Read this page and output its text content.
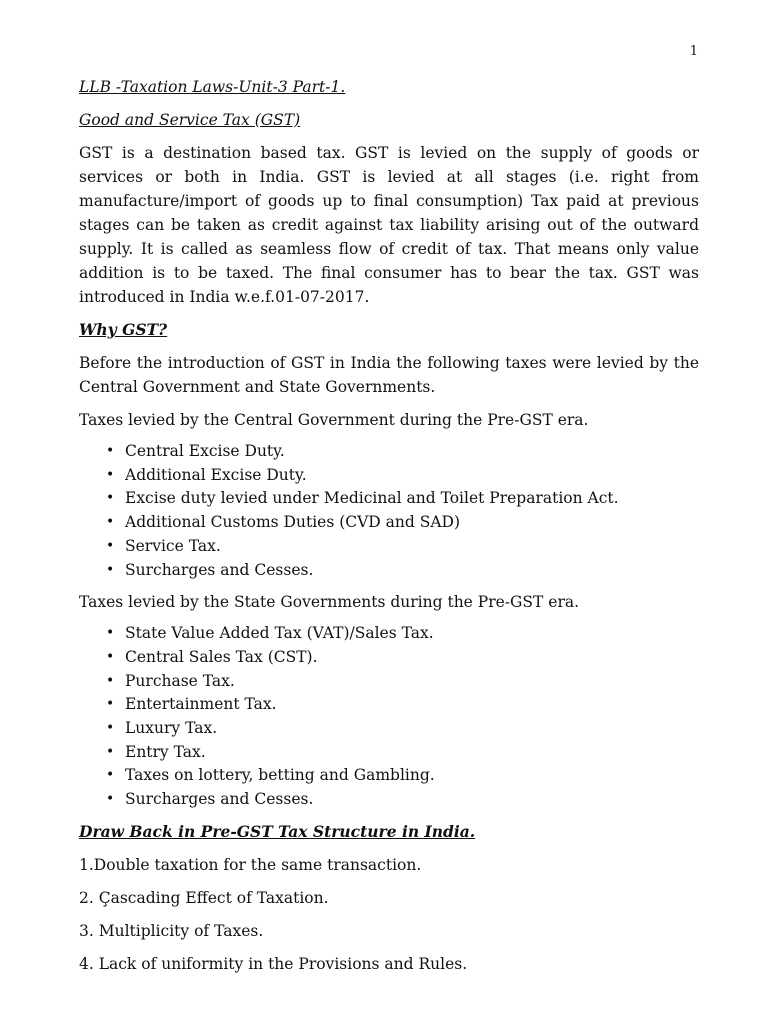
1

LLB -Taxation Laws-Unit-3 Part-1.

Good and Service Tax (GST)

GST is a destination based tax. GST is levied on the supply of goods or services or both in India. GST is levied at all stages (i.e. right from manufacture/import of goods up to final consumption) Tax paid at previous stages can be taken as credit against tax liability arising out of the outward supply. It is called as seamless flow of credit of tax. That means only value addition is to be taxed. The final consumer has to bear the tax. GST was introduced in India w.e.f.01-07-2017.

Why GST?

Before the introduction of GST in India the following taxes were levied by the Central Government and State Governments.

Taxes levied by the Central Government during the Pre-GST era.

• Central Excise Duty.
• Additional Excise Duty.
• Excise duty levied under Medicinal and Toilet Preparation Act.
• Additional Customs Duties (CVD and SAD)
• Service Tax.
• Surcharges and Cesses.

Taxes levied by the State Governments during the Pre-GST era.

• State Value Added Tax (VAT)/Sales Tax.
• Central Sales Tax (CST).
• Purchase Tax.
• Entertainment Tax.
• Luxury Tax.
• Entry Tax.
• Taxes on lottery, betting and Gambling.
• Surcharges and Cesses.

Draw Back in Pre-GST Tax Structure in India.

1.Double taxation for the same transaction.

2. Çascading Effect of Taxation.

3. Multiplicity of Taxes.

4. Lack of uniformity in the Provisions and Rules.
